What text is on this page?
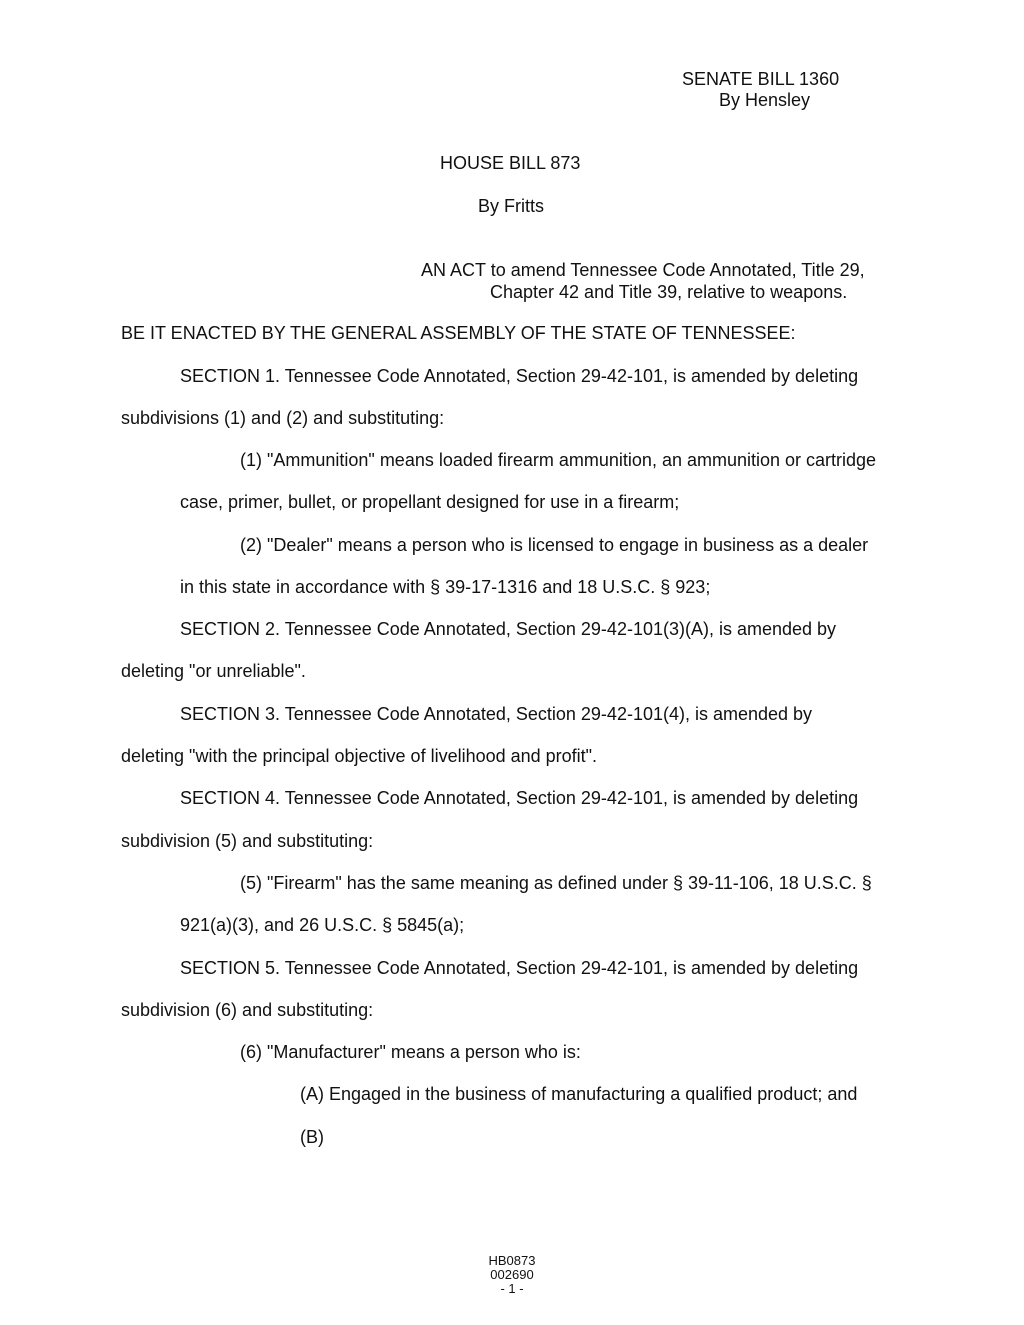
SENATE BILL 1360

By Hensley

HOUSE BILL 873

By Fritts

AN ACT to amend Tennessee Code Annotated, Title 29,

Chapter 42 and Title 39, relative to weapons.

BE IT ENACTED BY THE GENERAL ASSEMBLY OF THE STATE OF TENNESSEE:

SECTION 1. Tennessee Code Annotated, Section 29-42-101, is amended by deleting

subdivisions (1) and (2) and substituting:

(1) "Ammunition" means loaded firearm ammunition, an ammunition or cartridge

case, primer, bullet, or propellant designed for use in a firearm;

(2) "Dealer" means a person who is licensed to engage in business as a dealer

in this state in accordance with § 39-17-1316 and 18 U.S.C. § 923;

SECTION 2. Tennessee Code Annotated, Section 29-42-101(3)(A), is amended by

deleting "or unreliable".

SECTION 3. Tennessee Code Annotated, Section 29-42-101(4), is amended by

deleting "with the principal objective of livelihood and profit".

SECTION 4. Tennessee Code Annotated, Section 29-42-101, is amended by deleting

subdivision (5) and substituting:

(5) "Firearm" has the same meaning as defined under § 39-11-106, 18 U.S.C. §

921(a)(3), and 26 U.S.C. § 5845(a);

SECTION 5. Tennessee Code Annotated, Section 29-42-101, is amended by deleting

subdivision (6) and substituting:

(6) "Manufacturer" means a person who is:

(A) Engaged in the business of manufacturing a qualified product; and

(B)

HB0873
002690
- 1 -
